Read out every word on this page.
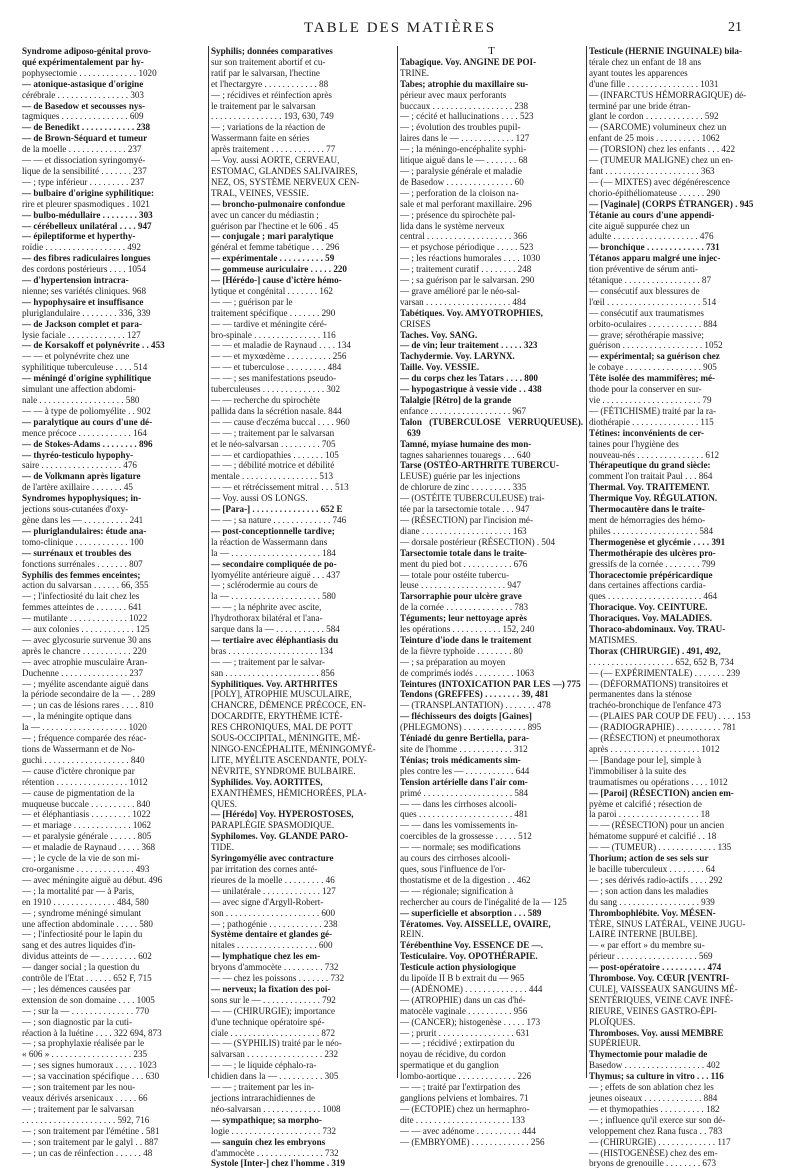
TABLE DES MATIÈRES	21

Syndrome adiposo-génital provo-

qué expérimentalement par hy-

pophysectomie . . . . . . . . . . . . . 1020

— atonique-astasique d'origine

cérébrale . . . . . . . . . . . . . . . . 303

— de Basedow et secousses nys-

tagmiques . . . . . . . . . . . . . . . 609

— de Benedikt . . . . . . . . . . . . 238

— de Brown-Séquard et tumeur

de la moelle . . . . . . . . . . . . . 237

— — et dissociation syringomyé-

lique de la sensibilité . . . . . . . 237

— ; type inférieur . . . . . . . . . 237

— bulbaire d'origine syphilitique:

rire et pleurer spasmodiques . 1021

— bulbo-médullaire . . . . . . . . 303

— cérébelleux unilatéral . . . . 947

— épileptiforme et hyperthy-

roïdie . . . . . . . . . . . . . . . . . . 492

— des fibres radiculaires longues

des cordons postérieurs . . . . 1054

— d'hypertension intracra-

nienne; ses variétés cliniques. 968

— hypophysaire et insuffisance

pluriglandulaire . . . . . . . . 336, 339

— de Jackson complet et para-

lysie faciale . . . . . . . . . . . . . 127

— de Korsakoff et polynévrite . . 453

— — et polynévrite chez une

syphilitique tuberculeuse . . . . 514

— méningé d'origine syphilitique

simulant une affection abdomi-

nale . . . . . . . . . . . . . . . . . . . 580

— — à type de poliomyélite . . 902

— paralytique au cours d'une dé-

mence précoce . . . . . . . . . . . . 164

— de Stokes-Adams . . . . . . . . 896

— thyréo-testiculo hypophy-

saire . . . . . . . . . . . . . . . . . . 476

— de Volkmann après ligature

de l'artère axillaire . . . . . . . 45

Syndromes hypophysiques; in-

jections sous-cutanées d'oxy-

gène dans les — . . . . . . . . . . 241

— pluriglandulaires: étude ana-

tomo-clinique . . . . . . . . . . . . 100

— surrénaux et troubles des

fonctions surrénales . . . . . . . 807

Syphilis des femmes enceintes;

action du salvarsan . . . . . . 66, 355

— ; l'infectiosité du lait chez les

femmes atteintes de . . . . . . . 641

— mutilante . . . . . . . . . . . . . 1022

— aux colonies . . . . . . . . . . . . 125

— avec glycosurie survenue 30 ans

après le chancre . . . . . . . . . . . 220

— avec atrophie musculaire Aran-

Duchenne . . . . . . . . . . . . . . . 237

— ; myélite ascendante aiguë dans

la période secondaire de la — . . 289

— ; un cas de lésions rares . . . . 810

— , la méningite optique dans

la — . . . . . . . . . . . . . . . . . . . 1020

— ; fréquence comparée des réac-

tions de Wassermann et de No-

guchi . . . . . . . . . . . . . . . . . . . 840

— cause d'ictère chronique par

rétention . . . . . . . . . . . . . . . . 1012

— cause de pigmentation de la

muqueuse buccale . . . . . . . . . . 840

— et éléphantiasis . . . . . . . . . 1022

— et mariage . . . . . . . . . . . . . 1062

— et paralysie générale . . . . . . 805

— et maladie de Raynaud . . . . . 368

— ; le cycle de la vie de son mi-

cro-organisme . . . . . . . . . . . . . 493

— avec méningite aiguë au début. 496

— ; la mortalité par — à Paris,

en 1910 . . . . . . . . . . . . . . 484, 580

— ; syndrome méningé simulant

une affection abdominale . . . . . 580

— ; l'infectiosité pour le lapin du

sang et des autres liquides d'in-

dividus atteints de — . . . . . . . . 602

— danger social ; la question du

contrôle de l'Etat . . . . . . 652 F, 715

— ; les démences causées par

extension de son domaine . . . . 1005

— ; sur la — . . . . . . . . . . . . . . 770

— ; son diagnostic par la cuti-

réaction à la luétine . . . . 322 694, 873

— ; sa prophylaxie réalisée par le

« 606 » . . . . . . . . . . . . . . . . . . 235

— ; ses signes humoraux . . . . . 1023

— ; sa vaccination spécifique . . . 630

— ; son traitement par les nou-

veaux dérivés arsenicaux . . . . . 66

— ; traitement par le salvarsan

. . . . . . . . . . . . . . . . . . . . . 592, 716

— ; son traitement par l'émétine . 581

— ; son traitement par le galyl . . 887

— ; un cas de réinfection . . . . . . 48

Syphilis; données comparatives

sur son traitement abortif et cu-

ratif par le salvarsan, l'hectine

et l'hectargyre . . . . . . . . . . . . 88

— ; récidives et réinfection après

le traitement par le salvarsan

. . . . . . . . . . . . . . . . 193, 630, 749

— ; variations de la réaction de

Wassermann faite en séries

après traitement . . . . . . . . . . . . 77

— Voy. aussi AORTE, CERVEAU,

ESTOMAC, GLANDES SALIVAIRES,

NEZ, OS, SYSTÈME NERVEUX CEN-

TRAL, VEINES, VESSIE.

— broncho-pulmonaire confondue

avec un cancer du médiastin ;

guérison par l'hectine et le 606 . 45

— conjugale ; mari paralytique

général et femme tabétique . . . 296

— expérimentale . . . . . . . . . . 59

— gommeuse auriculaire . . . . . 220

— [Hérédo-] cause d'ictère hémo-

lytique et congénital . . . . . . . 162

— — ; guérison par le

traitement spécifique . . . . . . . 290

— — tardive et méningite céré-

bro-spinale . . . . . . . . . . . . . . . 116

— — et maladie de Raynaud . . . . 134

— — et myxœdème . . . . . . . . . . 256

— — et tuberculose . . . . . . . . . 484

— — ; ses manifestations pseudo-

tuberculeuses . . . . . . . . . . . . . . 302

— — recherche du spirochète

pallida dans la sécrétion nasale. 844

— — cause d'eczéma buccal . . . . 960

— — ; traitement par le salvarsan

et le néo-salvarsan . . . . . . . . . 705

— — et cardiopathies . . . . . . . 105

— — ; débilité motrice et débilité

mentale . . . . . . . . . . . . . . . . . 513

— — et rétrécissement mitral . . . 513

— Voy. aussi OS LONGS.

— [Para-] . . . . . . . . . . . . . . . 652 E

— — ; sa nature . . . . . . . . . . . . . 746

— post-conceptionnelle tardive;

la réaction de Wassermann dans

la — . . . . . . . . . . . . . . . . . . . . 184

— secondaire compliquée de po-

lyomyélite antérieure aiguë . . . 437

— ; sclérodermie au cours de

la — . . . . . . . . . . . . . . . . . . . . 580

— — ; la néphrite avec ascite,

l'hydrothorax bilatéral et l'ana-

sarque dans la — . . . . . . . . . . . 584

— tertiaire avec éléphantiasis du

bras . . . . . . . . . . . . . . . . . . . . 134

— — ; traitement par le salvar-

san . . . . . . . . . . . . . . . . . . . . . 856

Syphilitiques. Voy. ARTHRITES

[POLY], ATROPHIE MUSCULAIRE,

CHANCRE, DÉMENCE PRÉCOCE, EN-

DOCARDITE, ERYTHÈME ICTÉ-

RES CHRONIQUES, MAL DE POTT

SOUS-OCCIPITAL, MÉNINGITE, MÉ-

NINGO-ENCÉPHALITE, MÉNINGOMYÉ-

LITE, MYÉLITE ASCENDANTE, POLY-

NÉVRITE, SYNDROME BULBAIRE.

Syphilides. Voy. AORTITES,

EXANTHÈMES, HÉMICHORÉES, PLA-

QUES.

— [Hérédo] Voy. HYPEROSTOSES,

PARAPLÉGIE SPASMODIQUE.

Syphilomes. Voy. GLANDE PARO-

TIDE.

Syringomyélie avec contracture

par irritation des cornes anté-

rieures de la moelle . . . . . . . . . 46

— unilatérale . . . . . . . . . . . . . 127

— avec signe d'Argyll-Robert-

son . . . . . . . . . . . . . . . . . . . . . 600

— ; pathogénie . . . . . . . . . . . . 238

Système dentaire et glandes gé-

nitales . . . . . . . . . . . . . . . . . . 600

— lymphatique chez les em-

bryons d'ammocète . . . . . . . . . 732

— — chez les poissons . . . . . . . 732

— nerveux; la fixation des poi-

sons sur le — . . . . . . . . . . . . . 792

— — (CHIRURGIE); importance

d'une technique opératoire spé-

ciale . . . . . . . . . . . . . . . . . . . . 872

— — (SYPHILIS) traité par le néo-

salvarsan . . . . . . . . . . . . . . . . . 232

— — ; le liquide céphalo-ra-

chidien dans la — . . . . . . . . . . 305

— — ; traitement par les in-

jections intrarachidiennes de

néo-salvarsan . . . . . . . . . . . . . 1008

— sympathique; sa morpho-

logie . . . . . . . . . . . . . . . . . . . . 732

— sanguin chez les embryons

d'ammocète . . . . . . . . . . . . . . . 732

Systole [Inter-] chez l'homme . 319

T

Tabagique. Voy. ANGINE DE POI-

TRINE.

Tabes; atrophie du maxillaire su-

périeur avec maux perforants

buccaux . . . . . . . . . . . . . . . . . . 238

— ; cécité et hallucinations . . . . 523

— ; évolution des troubles pupil-

laires dans le — . . . . . . . . . . . . 127

— ; la méningo-encéphalite syphi-

litique aiguë dans le — . . . . . . . 68

— ; paralysie générale et maladie

de Basedow . . . . . . . . . . . . . . . 60

— ; perforation de la cloison na-

sale et mal perforant maxillaire. 296

— ; présence du spirochète pal-

lida dans le système nerveux

central . . . . . . . . . . . . . . . . . . . 366

— et psychose périodique . . . . . 523

— ; les réactions humorales . . . . 1030

— ; traitement curatif . . . . . . . . 248

— ; sa guérison par le salvarsan. 290

— grave amélioré par le néo-sal-

varsan . . . . . . . . . . . . . . . . . . . 484

Tabétiques. Voy. AMYOTROPHIES,

CRISES

Taches. Voy. SANG.

— de vin; leur traitement . . . . . 323

Tachydermie. Voy. LARYNX.

Taille. Voy. VESSIE.

— du corps chez les Tatars . . . . 800

— hypogastrique à vessie vide . . 438

Talalgie [Rétro] de la grande

enfance . . . . . . . . . . . . . . . . . . 967

Talon (TUBERCULOSE VERRUQUEUSE). 639

Tamné, myiase humaine des mon-

tagnes sahariennes touaregs . . . 640

Tarse (OSTÉO-ARTHRITE TUBERCU-

LEUSE) guérie par les injections

de chlorure de zinc . . . . . . . . . 335

— (OSTÉITE TUBERCULEUSE) trai-

tée par la tarsectomie totale . . . 947

— (RÉSECTION) par l'incision mé-

diane . . . . . . . . . . . . . . . . . . . . 163

— dorsale postérieur (RÉSECTION) . 504

Tarsectomie totale dans le traite-

ment du pied bot . . . . . . . . . . . 676

— totale pour ostéite tubercu-

leuse . . . . . . . . . . . . . . . . . . . 947

Tarsorraphie pour ulcère grave

de la cornée . . . . . . . . . . . . . . . 783

Téguments; leur nettoyage après

les opérations . . . . . . . . . . . 152, 240

Teinture d'iode dans le traitement

de la fièvre typhoïde . . . . . . . . 80

— ; sa préparation au moyen

de comprimés iodés . . . . . . . . . 1063

Teintures (INTOXICATION PAR LES —) 775

Tendons (GREFFES) . . . . . . . . 39, 481

— (TRANSPLANTATION) . . . . . . . 478

— fléchisseurs des doigts [Gaines]

(PHLEGMONS) . . . . . . . . . . . . . . 895

Téniadé du genre Bertiella, para-

site de l'homme . . . . . . . . . . . . 312

Ténias; trois médicaments sim-

ples contre les — . . . . . . . . . . . 644

Tension artérielle dans l'air com-

primé . . . . . . . . . . . . . . . . . . . . 584

— — dans les cirrhoses alcooli-

ques . . . . . . . . . . . . . . . . . . . . . 481

— — dans les vomissements in-

coercibles de la grossesse . . . . . 512

— — normale; ses modifications

au cours des cirrhoses alcooli-

ques, sous l'influence de l'or-

thostatisme et de la digestion . . 462

— — régionale; signification à

rechercher au cours de l'inégalité de la — 125

— superficielle et absorption . . . 589

Tératomes. Voy. AISSELLE, OVAIRE,

REIN.

Térébenthine Voy. ESSENCE DE —.

Testiculaire. Voy. OPOTHÉRAPIE.

Testicule action physiologique

du lipoïde II B b extrait du — 965

— (ADÉNOME) . . . . . . . . . . . . . . 444

— (ATROPHIE) dans un cas d'hé-

matocèle vaginale . . . . . . . . . . 956

— (CANCER); histogenèse . . . . . 173

— ; prurit . . . . . . . . . . . . . . . . . 631

— — ; récidivé ; extirpation du

noyau de récidive, du cordon

spermatique et du ganglion

lombo-aortique . . . . . . . . . . . . . 226

— — ; traité par l'extirpation des

ganglions pelviens et lombaires. 71

— (ECTOPIE) chez un hermaphro-

dite . . . . . . . . . . . . . . . . . . . . . 133

— — avec adénome . . . . . . . . . . 444

— (EMBRYOME) . . . . . . . . . . . . . 256

Testicule (HERNIE INGUINALE) bila-

térale chez un enfant de 18 ans

ayant toutes les apparences

d'une fille . . . . . . . . . . . . . . . . 1031

— (INFARCTUS HÉMORRAGIQUE) dé-

terminé par une bride étran-

glant le cordon . . . . . . . . . . . . . 592

— (SARCOME) volumineux chez un

enfant de 25 mois . . . . . . . . . . 1062

— (TORSION) chez les enfants . . . 422

— (TUMEUR MALIGNE) chez un en-

fant . . . . . . . . . . . . . . . . . . . . . 363

— (— MIXTES) avec dégénérescence

chorio-épithéliomateuse . . . . . . 290

— [Vaginale] (CORPS ÉTRANGER) . 945

Tétanie au cours d'une appendi-

cite aiguë suppurée chez un

adulte . . . . . . . . . . . . . . . . . . . 476

— bronchique . . . . . . . . . . . . . 731

Tétanos apparu malgré une injec-

tion préventive de sérum anti-

tétanique . . . . . . . . . . . . . . . . . 87

— consécutif aux blessures de

l'œil . . . . . . . . . . . . . . . . . . . . . 514

— consécutif aux traumatismes

orbito-oculaires . . . . . . . . . . . . 884

— grave; sérothérapie massive;

guérison . . . . . . . . . . . . . . . . . . 1052

— expérimental; sa guérison chez

le cobaye . . . . . . . . . . . . . . . . . 905

Tête isolée des mammifères; mé-

thode pour la conserver en sur-

vie . . . . . . . . . . . . . . . . . . . . . . 79

— (FÉTICHISME) traité par la ra-

diothérapie . . . . . . . . . . . . . . . 115

Tétines: inconvénients de cer-

taines pour l'hygiène des

nouveau-nés . . . . . . . . . . . . . . . 612

Thérapeutique du grand siècle:

comment l'on traitait Paul . . . 864

Thermal. Voy. TRAITEMENT.

Thermique Voy. RÉGULATION.

Thermocautère dans le traite-

ment de hémorragies des hémo-

philes . . . . . . . . . . . . . . . . . . . 584

Thermogenèse et glycémie . . . . 391

Thermothérapie des ulcères pro-

gressifs de la cornée . . . . . . . . 799

Thoracectomie prépéricardique

dans certaines affections cardia-

ques . . . . . . . . . . . . . . . . . . . . . 464

Thoracique. Voy. CEINTURE.

Thoraciques. Voy. MALADIES.

Thoraco-abdominaux. Voy. TRAU-

MATISMES.

Thorax (CHIRURGIE) . 491, 492,

. . . . . . . . . . . . . . . . . . . 652, 652 B, 734

— (— EXPÉRIMENTALE) . . . . . . . 239

— (DÉFORMATIONS) transitoires et

permanentes dans la sténose

trachéo-bronchique de l'enfance 473

— (PLAIES PAR COUP DE FEU) . . . . 153

— (RADIOGRAPHIE) . . . . . . . . . . 781

— (RÉSECTION) et pneumothorax

après . . . . . . . . . . . . . . . . . . . . 1012

— [Bandage pour le], simple à

l'immobiliser à la suite des

traumatismes ou opérations . . . . 1012

— [Paroi] (RÉSECTION) ancien em-

pyème et calcifié ; résection de

la paroi . . . . . . . . . . . . . . . . . . 18

— — (RÉSECTION) pour un ancien

hématome suppuré et calcifié . . 18

— — (TUMEUR) . . . . . . . . . . . . . 135

Thorium; action de ses sels sur

le bacille tuberculeux . . . . . . . . 64

— ; ses dérivés radio-actifs . . . . 292

— ; son action dans les maladies

du sang . . . . . . . . . . . . . . . . . . 939

Thrombophlébite. Voy. MÉSEN-

TÈRE, SINUS LATÉRAL, VEINE JUGU-

LAIRE INTERNE [BULBE].

— « par effort » du membre su-

périeur . . . . . . . . . . . . . . . . . . 569

— post-opératoire . . . . . . . . . . 474

Thrombose. Voy. CŒUR [VENTRI-

CULE], VAISSEAUX SANGUINS MÉ-

SENTÉRIQUES, VEINE CAVE INFÉ-

RIEURE, VEINES GASTRO-ÉPI-

PLOÏQUES.

Thromboses. Voy. aussi MEMBRE

SUPÉRIEUR.

Thymectomie pour maladie de

Basedow . . . . . . . . . . . . . . . . . . 402

Thymus; sa culture in vitro . . . 116

— ; effets de son ablation chez les

jeunes oiseaux . . . . . . . . . . . . . 884

— et thymopathies . . . . . . . . . . 182

— ; influence qu'il exerce sur son dé-

veloppement chez Rana fusca . . 783

— (CHIRURGIE) . . . . . . . . . . . . . 117

— (HISTOGENÈSE) chez des em-

bryons de grenouille . . . . . . . . 673
